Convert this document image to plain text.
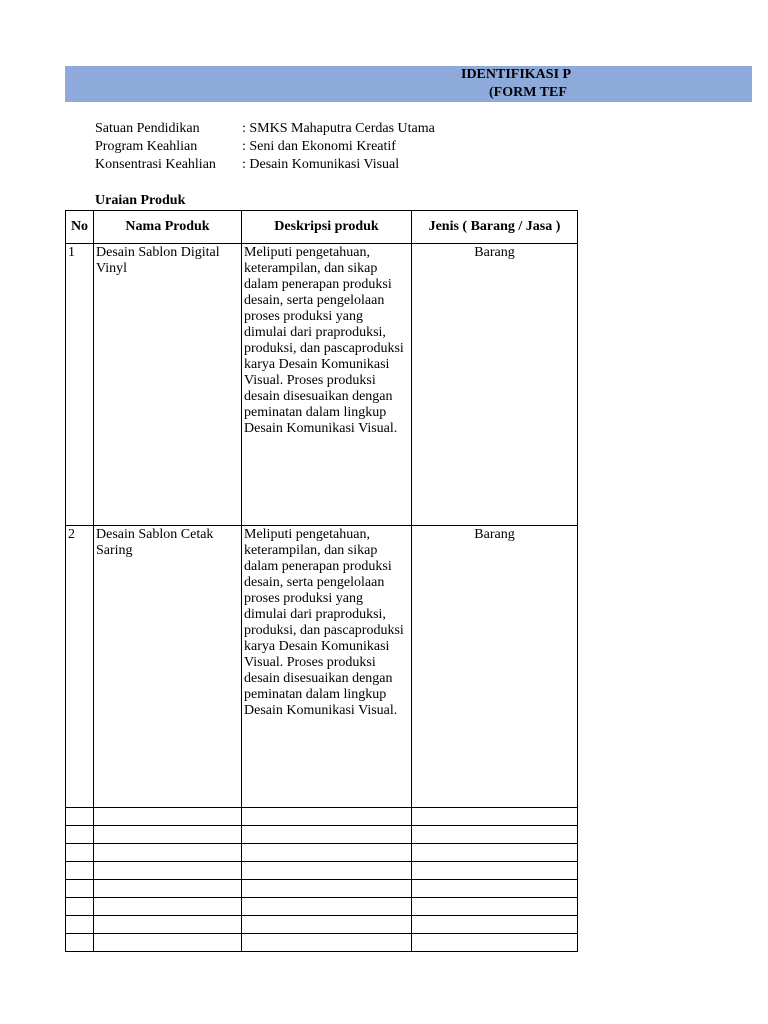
IDENTIFIKASI P
(FORM TEF
Satuan Pendidikan	: SMKS Mahaputra Cerdas Utama
Program Keahlian	: Seni dan Ekonomi Kreatif
Konsentrasi Keahlian : Desain Komunikasi Visual
Uraian Produk
No	Nama Produk	Deskripsi produk	Jenis ( Barang / Jasa )
1	Desain Sablon Digital Vinyl	Meliputi pengetahuan, keterampilan, dan sikap dalam penerapan produksi desain, serta pengelolaan proses produksi yang dimulai dari praproduksi, produksi, dan pascaproduksi karya Desain Komunikasi Visual. Proses produksi desain disesuaikan dengan peminatan dalam lingkup Desain Komunikasi Visual.	Barang
2	Desain Sablon Cetak Saring	Meliputi pengetahuan, keterampilan, dan sikap dalam penerapan produksi desain, serta pengelolaan proses produksi yang dimulai dari praproduksi, produksi, dan pascaproduksi karya Desain Komunikasi Visual. Proses produksi desain disesuaikan dengan peminatan dalam lingkup Desain Komunikasi Visual.	Barang
